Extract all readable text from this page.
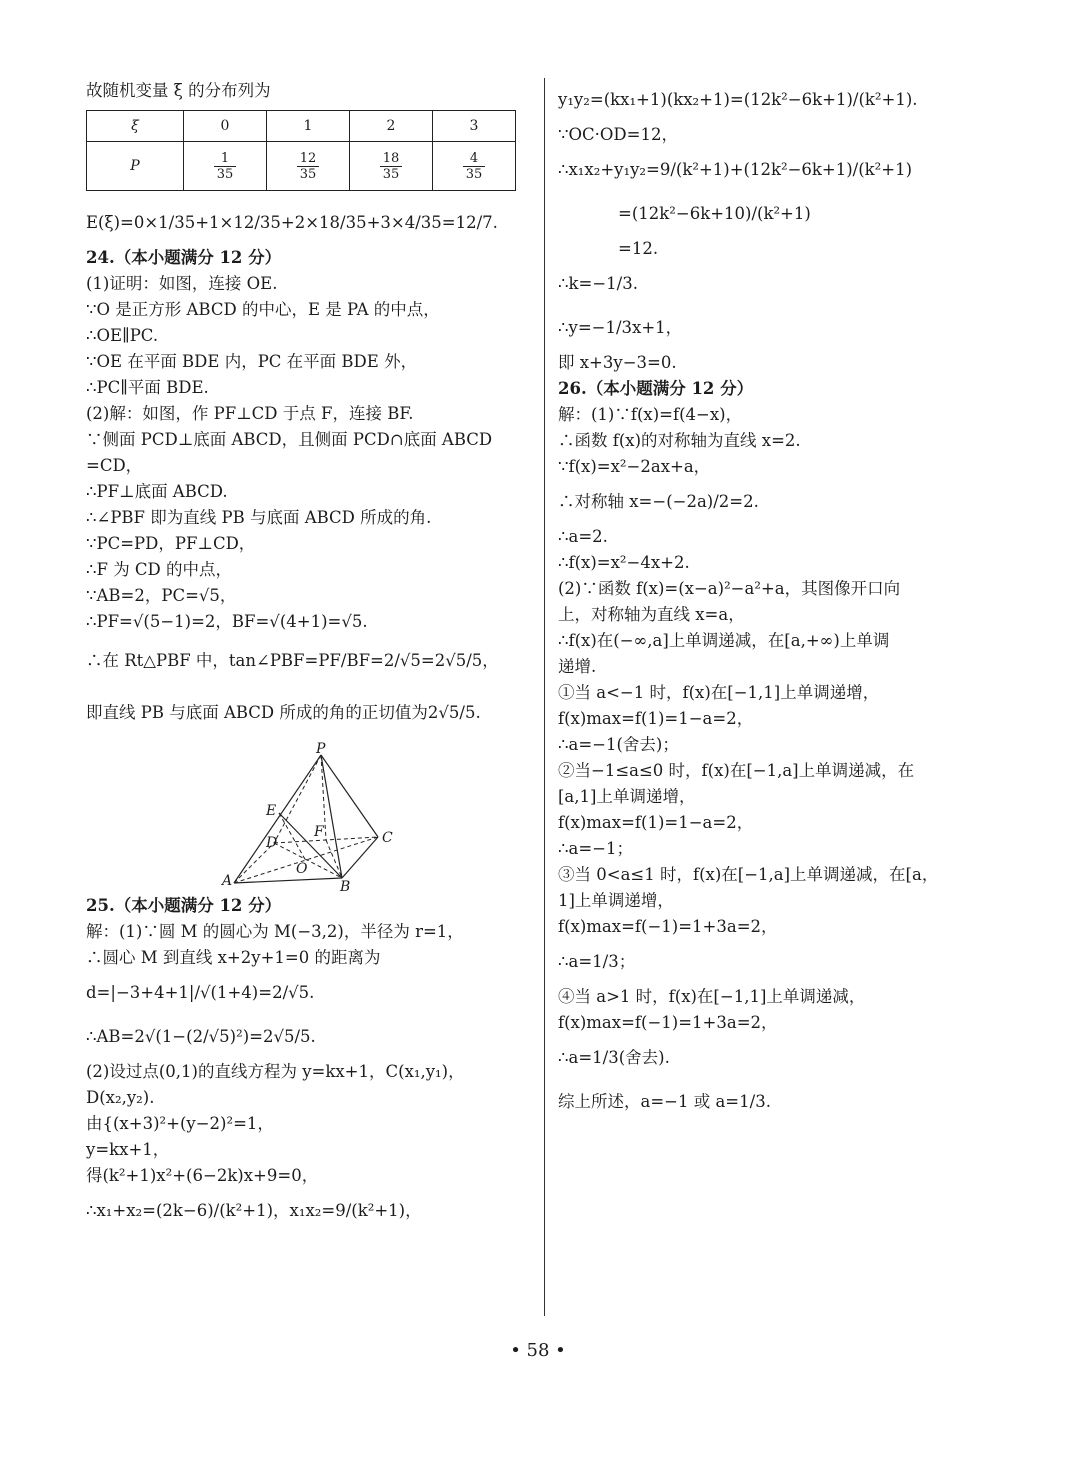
故随机变量 ξ 的分布列为
ξ	0	1	2	3
P	$\frac{1}{35}$	$\frac{12}{35}$	$\frac{18}{35}$	$\frac{4}{35}$
E(ξ)=0×1/35+1×12/35+2×18/35+3×4/35=12/7.
24.（本小题满分 12 分）
(1)证明：如图，连接 OE.
∵O 是正方形 ABCD 的中心，E 是 PA 的中点，
∴OE∥PC.
∵OE 在平面 BDE 内，PC 在平面 BDE 外，
∴PC∥平面 BDE.
(2)解：如图，作 PF⊥CD 于点 F，连接 BF.
∵侧面 PCD⊥底面 ABCD，且侧面 PCD∩底面 ABCD
=CD，
∴PF⊥底面 ABCD.
∴∠PBF 即为直线 PB 与底面 ABCD 所成的角.
∵PC=PD，PF⊥CD，
∴F 为 CD 的中点，
∵AB=2，PC=√5，
∴PF=√(5−1)=2，BF=√(4+1)=√5.
∴在 Rt△PBF 中，tan∠PBF=PF/BF=2/√5=2√5/5，
即直线 PB 与底面 ABCD 所成的角的正切值为2√5/5.
P
E
D
F	C
O
A	B
25.（本小题满分 12 分）
解：(1)∵圆 M 的圆心为 M(−3,2)，半径为 r=1，
∴圆心 M 到直线 x+2y+1=0 的距离为
d=|−3+4+1|/√(1+4)=2/√5.
∴AB=2√(1−(2/√5)²)=2√5/5.
(2)设过点(0,1)的直线方程为 y=kx+1，C(x₁,y₁)，
D(x₂,y₂).
由{(x+3)²+(y−2)²=1，
y=kx+1，
得(k²+1)x²+(6−2k)x+9=0，
∴x₁+x₂=(2k−6)/(k²+1)，x₁x₂=9/(k²+1)，
y₁y₂=(kx₁+1)(kx₂+1)=(12k²−6k+1)/(k²+1).
∵OC·OD=12，
∴x₁x₂+y₁y₂=9/(k²+1)+(12k²−6k+1)/(k²+1)
=(12k²−6k+10)/(k²+1)
=12.
∴k=−1/3.
∴y=−1/3x+1，
即 x+3y−3=0.
26.（本小题满分 12 分）
解：(1)∵f(x)=f(4−x)，
∴函数 f(x)的对称轴为直线 x=2.
∵f(x)=x²−2ax+a，
∴对称轴 x=−(−2a)/2=2.
∴a=2.
∴f(x)=x²−4x+2.
(2)∵函数 f(x)=(x−a)²−a²+a，其图像开口向
上，对称轴为直线 x=a，
∴f(x)在(−∞,a]上单调递减，在[a,+∞)上单调
递增.
①当 a<−1 时，f(x)在[−1,1]上单调递增，
f(x)max=f(1)=1−a=2，
∴a=−1(舍去)；
②当−1≤a≤0 时，f(x)在[−1,a]上单调递减，在
[a,1]上单调递增，
f(x)max=f(1)=1−a=2，
∴a=−1；
③当 0<a≤1 时，f(x)在[−1,a]上单调递减，在[a，
1]上单调递增，
f(x)max=f(−1)=1+3a=2，
∴a=1/3；
④当 a>1 时，f(x)在[−1,1]上单调递减，
f(x)max=f(−1)=1+3a=2，
∴a=1/3(舍去).
综上所述，a=−1 或 a=1/3.
• 58 •
